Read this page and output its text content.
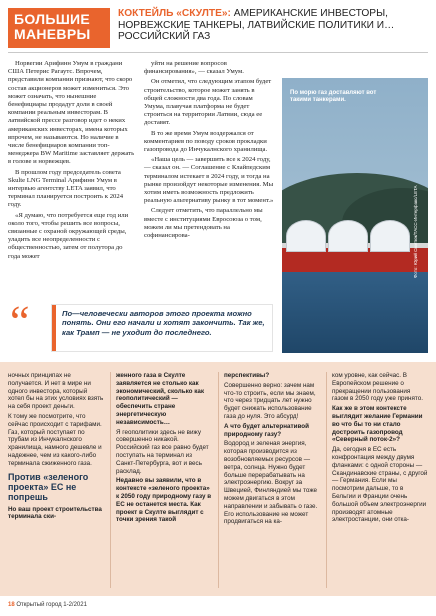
БОЛЬШИЕ МАНЕВРЫ
КОКТЕЙЛЬ «СКУЛТЕ»: АМЕРИКАНСКИЕ ИНВЕСТОРЫ, НОРВЕЖСКИЕ ТАНКЕРЫ, ЛАТВИЙСКИЕ ПОЛИТИКИ И… РОССИЙСКИЙ ГАЗ

Норвегии Арифинн Умум в граждани США Петерис Рагаутс. Впрочем, представили компании признают, что скоро состав акционеров может измениться. Это может означать, что нынешние бенефициары продадут доли в своей компании реальным инвесторам. В латвийской прессе разговор идет о неких американских инвесторах, имена которых впрочем, не называются. Но наличие в числе бенефициаров компании топ-менеджера BW Maritime заставляет держать в голове и норвежцев.

В прошлом году председатель совета Skulte LNG Terminal Арифинн Умум в интервью агентству LETA заявил, что терминал планируется построить к 2024 году.

«Я думаю, что потребуется еще год или около того, чтобы решить все вопросы, связанные с охраной окружающей среды, уладить все неопределенности с общественностью, затем от полутора до года может

уйти на решение вопросов финансирования», — сказал Умум.

Он отметил, что следующим этапом будет строительство, которое может занять в общей сложности два года. По словам Умума, плавучая платформа не будет строиться на территории Латвии, сюда ее доставят.

В то же время Умум воздержался от комментариев по поводу сроков прокладки газопровода до Инчукалнского хранилища.

«Наша цель — завершить все к 2024 году, — сказал он. — Соглашение с Клайпедским терминалом истекает в 2024 году, и тогда на рынке произойдут некоторые изменения. Мы хотим иметь возможность предложить реальную альтернативу рынку в тот момент.»

Следует отметить, что параллельно мы вместе с институциями Евросоюза о том, можем ли мы претендовать на софинансирова-

По морю газ доставляют вот такими танкерами.
Фото: Юрий Смитюк/ТАСС-Интерфакс/LETA
“	По—человечески авторов этого проекта можно понять. Они его начали и хотят закончить. Так же, как Трамп — не уходит до последнего.

ночных принципах не получается. И нет в мире ни одного инвестора, который хотел бы на этих условиях взять на себя проект деньги.

К тому же посмотрите, что сейчас происходит с тарифами. Газ, который поступает по трубам из Инчукалнского хранилища, намного дешевле и надежнее, чем из какого-либо терминала сжиженного газа.

Против «зеленого проекта» ЕС не попрешь

Но ваш проект строительства терминала ски-

женного газа в Скулте заявляется не столько как экономический, сколько как геополитический — обеспечить стране энергетическую независимость…

Я геополитики здесь не вижу совершенно никакой. Российский газ все равно будет поступать на терминал из Санкт-Петербурга, вот и весь расклад.

Недавно вы заявили, что в контексте «зеленого проекта» к 2050 году природному газу в ЕС не останется места. Как проект в Скулте выглядит с точки зрения такой

перспективы?

Совершенно верно: зачем нам что-то строить, если мы знаем, что через тридцать лет нужно будет снижать использование газа до нуля. Это абсурд!

А что будет альтернативой природному газу?

Водород и зеленая энергия, которая производится из возобновляемых ресурсов — ветра, солнца. Нужно будет больше перерабатывать на электроэнергию. Вокруг за Швецией, Финляндией мы тоже можем двигаться в этом направлении и забывать о газе. Его использование не может продвигаться на ка-

ком уровне, как сейчас. В Европейском решение о прекращении пользования газом в 2050 году уже принято.

Как же в этом контексте выглядит желание Германии во что бы то ни стало достроить газопровод «Северный поток-2»?

Да, сегодня в ЕС есть конфронтация между двумя фланками: с одной стороны — Скандинавские страны, с другой — Германия. Если мы посмотрим дальше, то в Бельгии и Франции очень большой объем электроэнергии производят атомные электростанции, они отка-

18 Открытый город 1-2/2021
